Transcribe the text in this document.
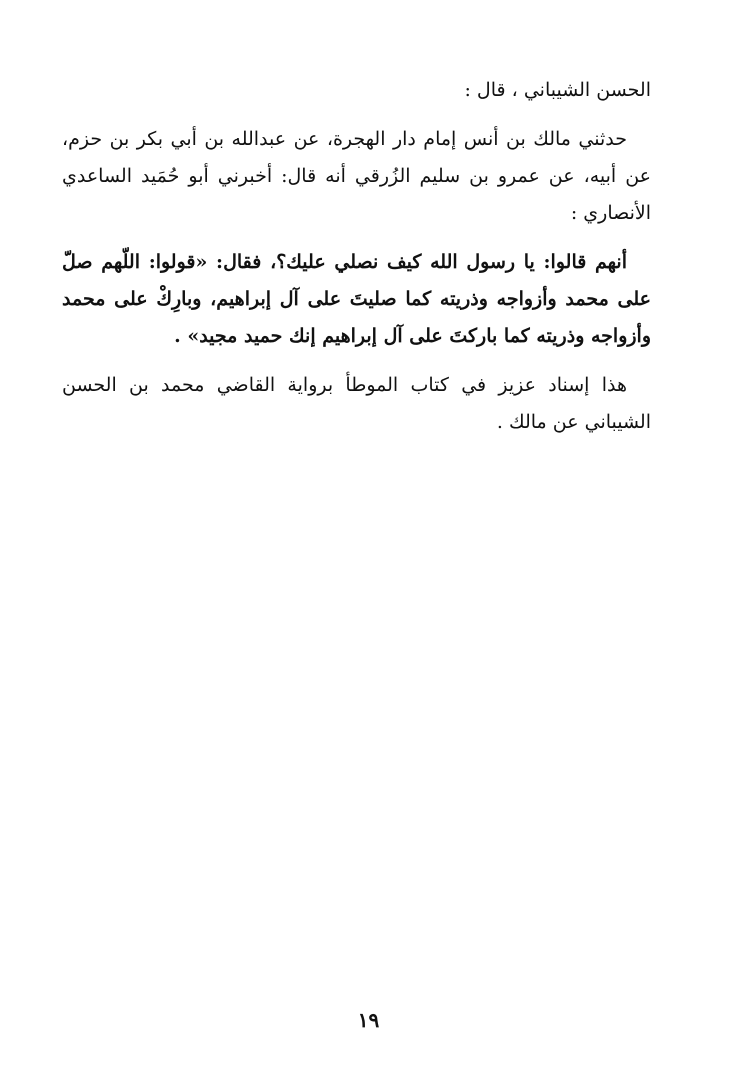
الحسن الشيباني ، قال :

حدثني مالك بن أنس إمام دار الهجرة، عن عبدالله بن أبي بكر بن حزم، عن أبيه، عن عمرو بن سليم الزُرقي أنه قال: أخبرني أبو حُمَيد الساعدي الأنصاري :

أنهم قالوا: يا رسول الله كيف نصلي عليك؟، فقال: «قولوا: اللّهم صلّ على محمد وأزواجه وذريته كما صليتَ على آل إبراهيم، وبارِكْ على محمد وأزواجه وذريته كما باركتَ على آل إبراهيم إنك حميد مجيد» .

هذا إسناد عزيز في كتاب الموطأ برواية القاضي محمد بن الحسن الشيباني عن مالك .

١٩
